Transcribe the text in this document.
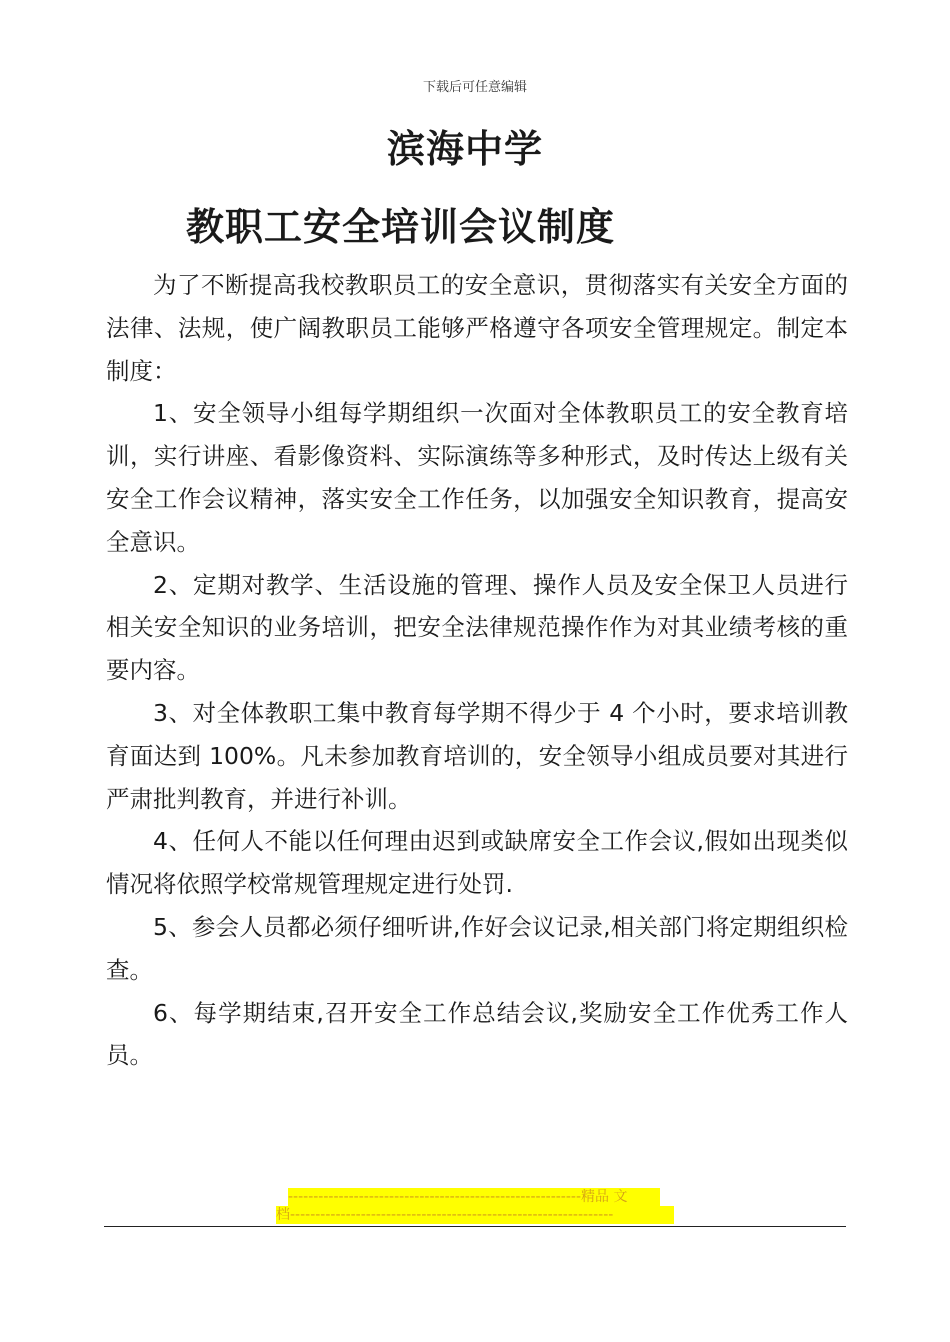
下载后可任意编辑
滨海中学
教职工安全培训会议制度

为了不断提高我校教职员工的安全意识，贯彻落实有关安全方面的法律、法规，使广阔教职员工能够严格遵守各项安全管理规定。制定本制度：

1、安全领导小组每学期组织一次面对全体教职员工的安全教育培训，实行讲座、看影像资料、实际演练等多种形式，及时传达上级有关安全工作会议精神，落实安全工作任务，以加强安全知识教育，提高安全意识。

2、定期对教学、生活设施的管理、操作人员及安全保卫人员进行相关安全知识的业务培训，把安全法律规范操作作为对其业绩考核的重要内容。

3、对全体教职工集中教育每学期不得少于 4 个小时，要求培训教育面达到 100%。凡未参加教育培训的，安全领导小组成员要对其进行严肃批判教育，并进行补训。

4、任何人不能以任何理由迟到或缺席安全工作会议,假如出现类似情况将依照学校常规管理规定进行处罚.

5、参会人员都必须仔细听讲,作好会议记录,相关部门将定期组织检查。

6、每学期结束,召开安全工作总结会议,奖励安全工作优秀工作人员。

----------------------------------------------------------精品 文
档----------------------------------------------------------------
